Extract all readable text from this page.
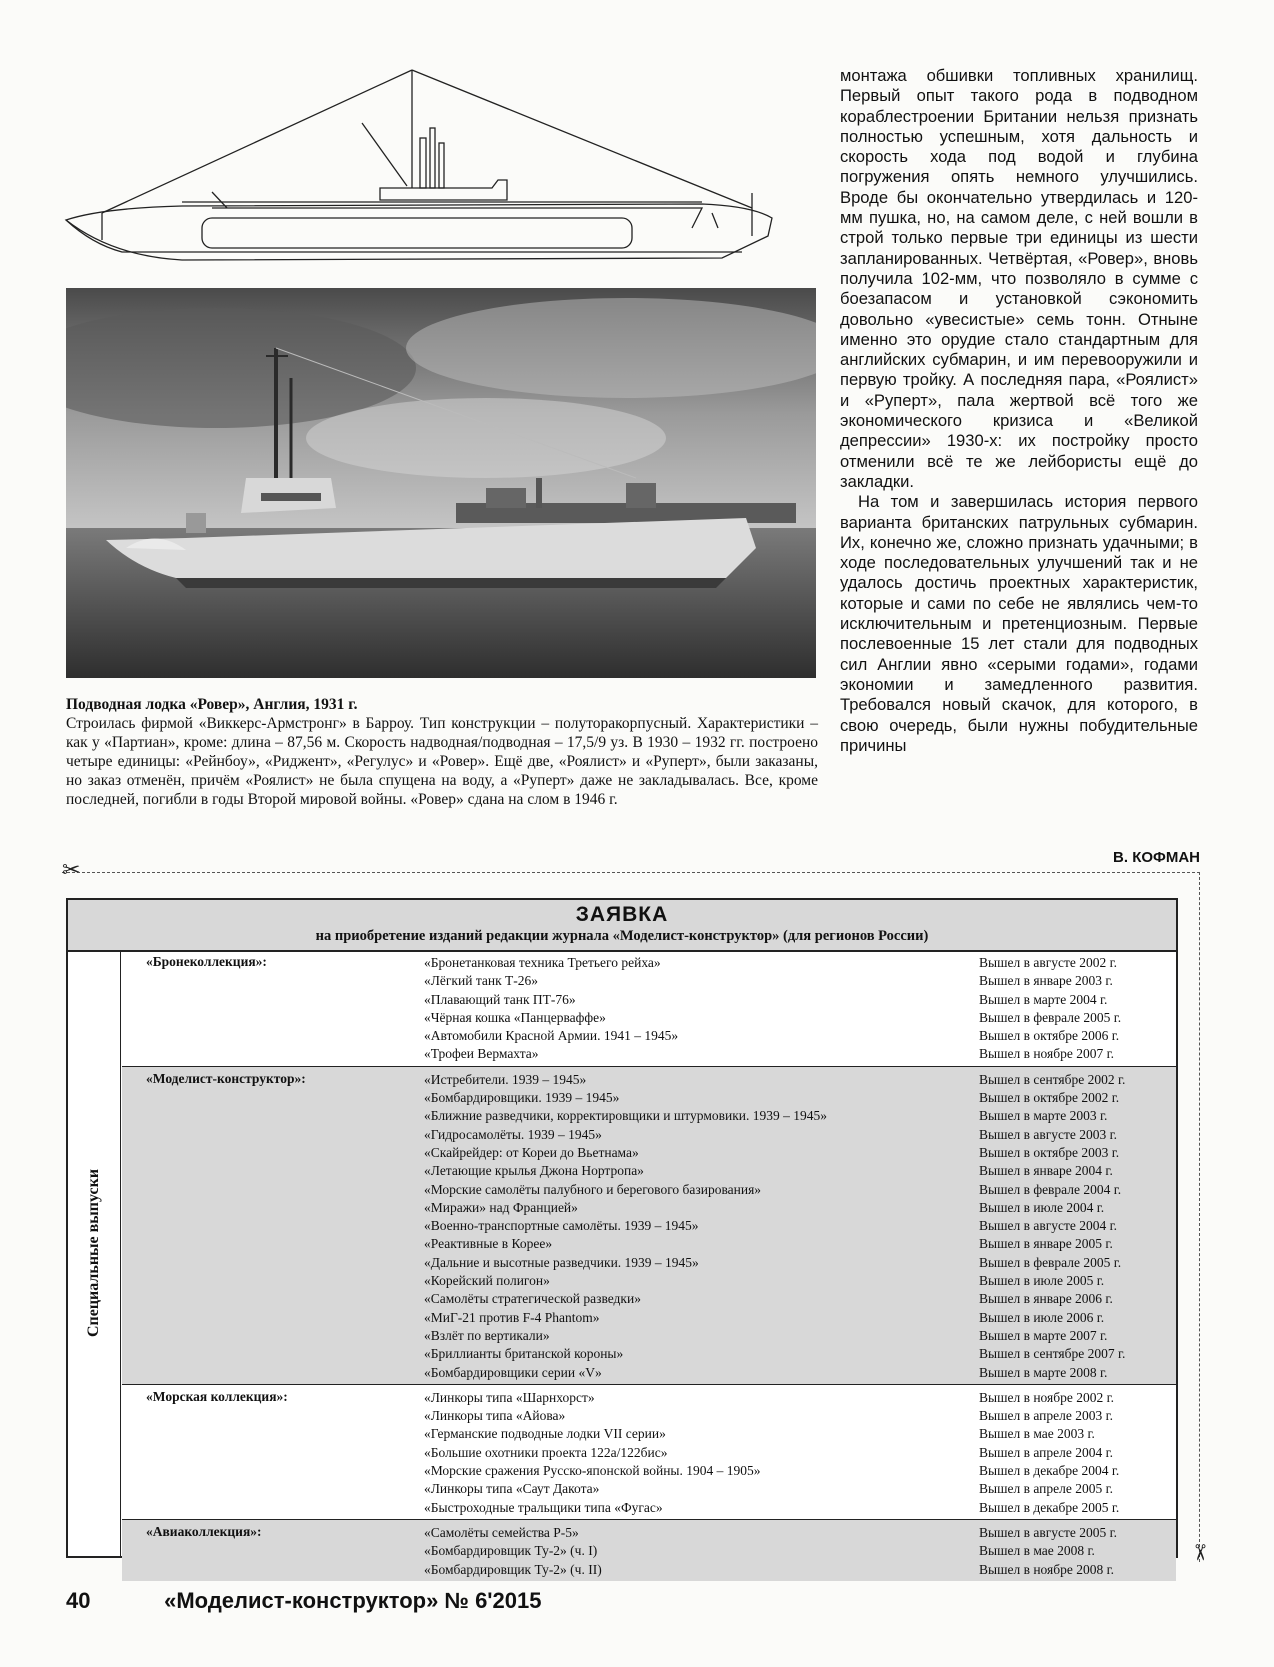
Подводная лодка «Ровер», Англия, 1931 г.
Строилась фирмой «Виккерс-Армстронг» в Барроу. Тип конструкции – полуторакорпусный. Характеристики – как у «Партиан», кроме: длина – 87,56 м. Скорость надводная/подводная – 17,5/9 уз. В 1930 – 1932 гг. построено четыре единицы: «Рейнбоу», «Риджент», «Регулус» и «Ровер». Ещё две, «Роялист» и «Руперт», были заказаны, но заказ отменён, причём «Роялист» не была спущена на воду, а «Руперт» даже не закладывалась. Все, кроме последней, погибли в годы Второй мировой войны. «Ровер» сдана на слом в 1946 г.

монтажа обшивки топливных хранилищ. Первый опыт такого рода в подводном кораблестроении Британии нельзя признать полностью успешным, хотя дальность и скорость хода под водой и глубина погружения опять немного улучшились. Вроде бы окончательно утвердилась и 120-мм пушка, но, на самом деле, с ней вошли в строй только первые три единицы из шести запланированных. Четвёртая, «Ровер», вновь получила 102-мм, что позволяло в сумме с боезапасом и установкой сэкономить довольно «увесистые» семь тонн. Отныне именно это орудие стало стандартным для английских субмарин, и им перевооружили и первую тройку. А последняя пара, «Роялист» и «Руперт», пала жертвой всё того же экономического кризиса и «Великой депрессии» 1930-х: их постройку просто отменили всё те же лейбористы ещё до закладки.

На том и завершилась история первого варианта британских патрульных субмарин. Их, конечно же, сложно признать удачными; в ходе последовательных улучшений так и не удалось достичь проектных характеристик, которые и сами по себе не являлись чем-то исключительным и претенциозным. Первые послевоенные 15 лет стали для подводных сил Англии явно «серыми годами», годами экономии и замедленного развития. Требовался новый скачок, для которого, в свою очередь, были нужны побудительные причины

В. КОФМАН
✂
✂
ЗАЯВКА
на приобретение изданий редакции журнала «Моделист-конструктор» (для регионов России)
Специальные выпуски
«Бронеколлекция»:	«Бронетанковая техника Третьего рейха»	Вышел в августе 2002 г.
«Лёгкий танк Т-26»	Вышел в январе 2003 г.
«Плавающий танк ПТ-76»	Вышел в марте 2004 г.
«Чёрная кошка «Панцерваффе»	Вышел в феврале 2005 г.
«Автомобили Красной Армии. 1941 – 1945»	Вышел в октябре 2006 г.
«Трофеи Вермахта»	Вышел в ноябре 2007 г.
«Моделист-конструктор»:	«Истребители. 1939 – 1945»	Вышел в сентябре 2002 г.
«Бомбардировщики. 1939 – 1945»	Вышел в октябре 2002 г.
«Ближние разведчики, корректировщики и штурмовики. 1939 – 1945»	Вышел в марте 2003 г.
«Гидросамолёты. 1939 – 1945»	Вышел в августе 2003 г.
«Скайрейдер: от Кореи до Вьетнама»	Вышел в октябре 2003 г.
«Летающие крылья Джона Нортропа»	Вышел в январе 2004 г.
«Морские самолёты палубного и берегового базирования»	Вышел в феврале 2004 г.
«Миражи» над Францией»	Вышел в июле 2004 г.
«Военно-транспортные самолёты. 1939 – 1945»	Вышел в августе 2004 г.
«Реактивные в Корее»	Вышел в январе 2005 г.
«Дальние и высотные разведчики. 1939 – 1945»	Вышел в феврале 2005 г.
«Корейский полигон»	Вышел в июле 2005 г.
«Самолёты стратегической разведки»	Вышел в январе 2006 г.
«МиГ-21 против F-4 Phantom»	Вышел в июле 2006 г.
«Взлёт по вертикали»	Вышел в марте 2007 г.
«Бриллианты британской короны»	Вышел в сентябре 2007 г.
«Бомбардировщики серии «V»	Вышел в марте 2008 г.
«Морская коллекция»:	«Линкоры типа «Шарнхорст»	Вышел в ноябре 2002 г.
«Линкоры типа «Айова»	Вышел в апреле 2003 г.
«Германские подводные лодки VII серии»	Вышел в мае 2003 г.
«Большие охотники проекта 122а/122бис»	Вышел в апреле 2004 г.
«Морские сражения Русско-японской войны. 1904 – 1905»	Вышел в декабре 2004 г.
«Линкоры типа «Саут Дакота»	Вышел в апреле 2005 г.
«Быстроходные тральщики типа «Фугас»	Вышел в декабре 2005 г.
«Авиаколлекция»:	«Самолёты семейства Р-5»	Вышел в августе 2005 г.
«Бомбардировщик Ту-2» (ч. I)	Вышел в мае 2008 г.
«Бомбардировщик Ту-2» (ч. II)	Вышел в ноябре 2008 г.
40	«Моделист-конструктор» № 6'2015
